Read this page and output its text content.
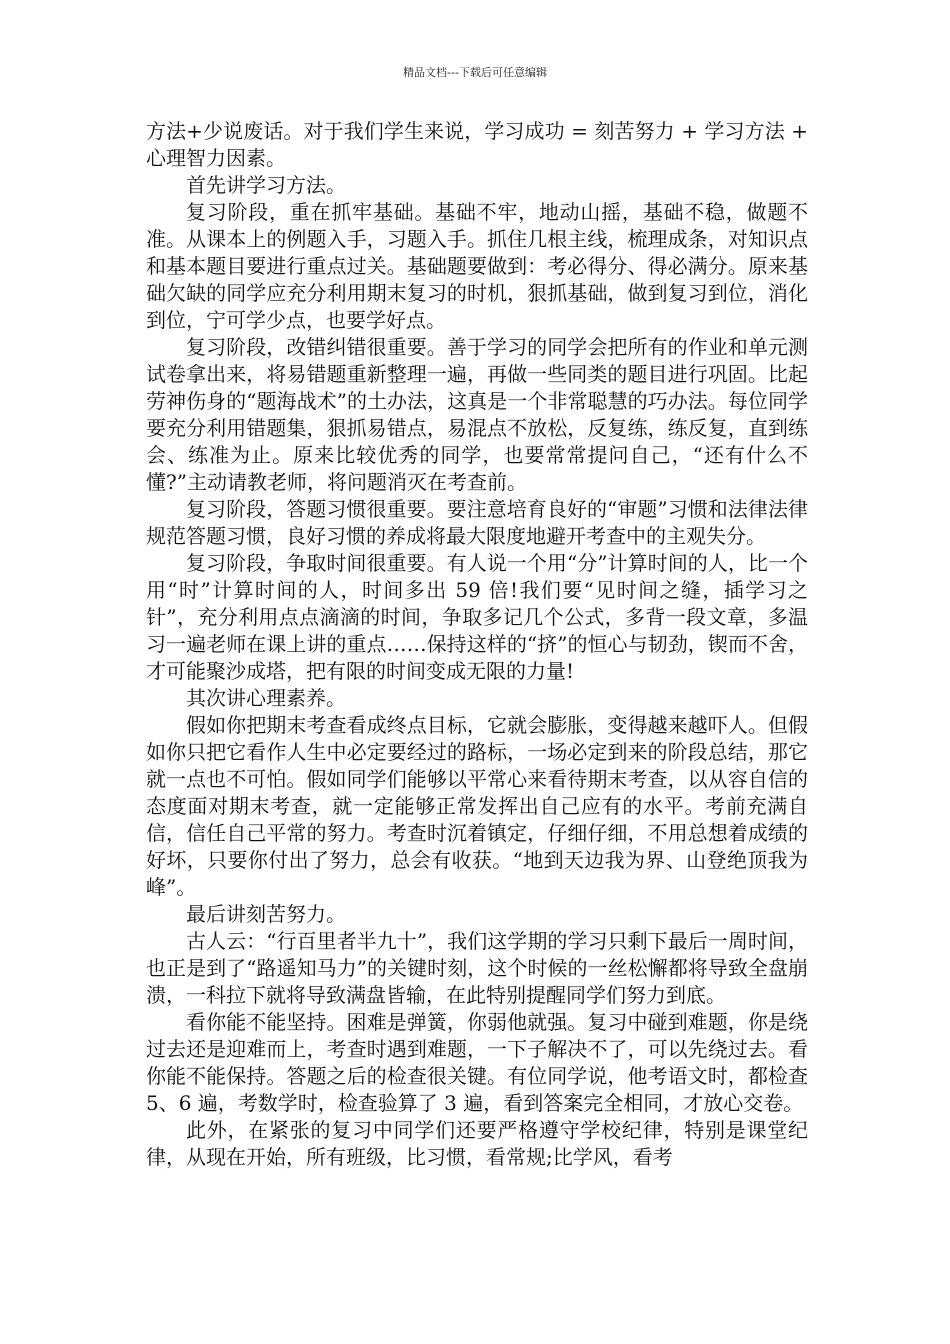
精品文档---下载后可任意编辑

方法+少说废话。对于我们学生来说，学习成功 = 刻苦努力 + 学习方法 + 心理智力因素。

首先讲学习方法。

复习阶段，重在抓牢基础。基础不牢，地动山摇，基础不稳，做题不准。从课本上的例题入手，习题入手。抓住几根主线，梳理成条，对知识点和基本题目要进行重点过关。基础题要做到：考必得分、得必满分。原来基础欠缺的同学应充分利用期末复习的时机，狠抓基础，做到复习到位，消化到位，宁可学少点，也要学好点。

复习阶段，改错纠错很重要。善于学习的同学会把所有的作业和单元测试卷拿出来，将易错题重新整理一遍，再做一些同类的题目进行巩固。比起劳神伤身的“题海战术”的土办法，这真是一个非常聪慧的巧办法。每位同学要充分利用错题集，狠抓易错点，易混点不放松，反复练，练反复，直到练会、练准为止。原来比较优秀的同学，也要常常提问自己，“还有什么不懂?”主动请教老师，将问题消灭在考查前。

复习阶段，答题习惯很重要。要注意培育良好的“审题”习惯和法律法律规范答题习惯，良好习惯的养成将最大限度地避开考查中的主观失分。

复习阶段，争取时间很重要。有人说一个用“分”计算时间的人，比一个用“时”计算时间的人，时间多出 59 倍!我们要“见时间之缝，插学习之针”，充分利用点点滴滴的时间，争取多记几个公式，多背一段文章，多温习一遍老师在课上讲的重点……保持这样的“挤”的恒心与韧劲，锲而不舍，才可能聚沙成塔，把有限的时间变成无限的力量!

其次讲心理素养。

假如你把期末考查看成终点目标，它就会膨胀，变得越来越吓人。但假如你只把它看作人生中必定要经过的路标，一场必定到来的阶段总结，那它就一点也不可怕。假如同学们能够以平常心来看待期末考查，以从容自信的态度面对期末考查，就一定能够正常发挥出自己应有的水平。考前充满自信，信任自己平常的努力。考查时沉着镇定，仔细仔细，不用总想着成绩的好坏，只要你付出了努力，总会有收获。“地到天边我为界、山登绝顶我为峰”。

最后讲刻苦努力。

古人云：“行百里者半九十”，我们这学期的学习只剩下最后一周时间，也正是到了“路遥知马力”的关键时刻，这个时候的一丝松懈都将导致全盘崩溃，一科拉下就将导致满盘皆输，在此特别提醒同学们努力到底。

看你能不能坚持。困难是弹簧，你弱他就强。复习中碰到难题，你是绕过去还是迎难而上，考查时遇到难题，一下子解决不了，可以先绕过去。看你能不能保持。答题之后的检查很关键。有位同学说，他考语文时，都检查 5、6 遍，考数学时，检查验算了 3 遍，看到答案完全相同，才放心交卷。

此外，在紧张的复习中同学们还要严格遵守学校纪律，特别是课堂纪律，从现在开始，所有班级，比习惯，看常规;比学风，看考
